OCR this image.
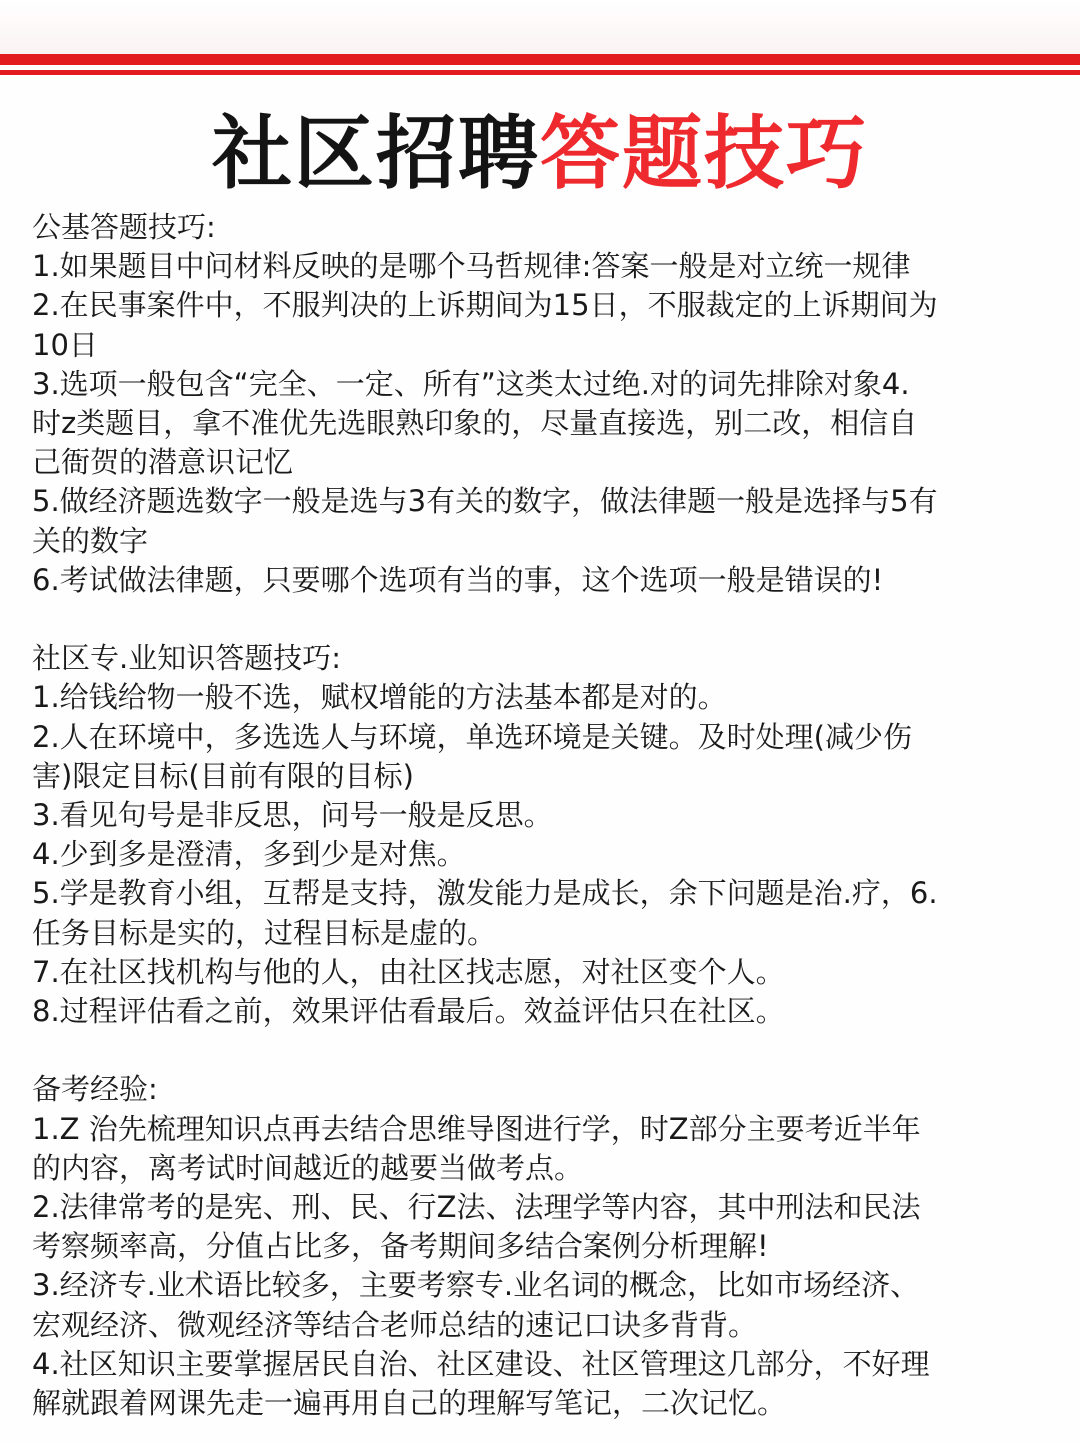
社区招聘答题技巧

公基答题技巧:

1.如果题目中问材料反映的是哪个马哲规律:答案一般是对立统一规律

2.在民事案件中，不服判决的上诉期间为15日，不服裁定的上诉期间为

10日

3.选项一般包含“完全、一定、所有”这类太过绝.对的词先排除对象4.

时z类题目，拿不准优先选眼熟印象的，尽量直接选，别二改，相信自

己衙贺的潜意识记忆

5.做经济题选数字一般是选与3有关的数字，做法律题一般是选择与5有

关的数字

6.考试做法律题，只要哪个选项有当的事，这个选项一般是错误的!

社区专.业知识答题技巧:

1.给钱给物一般不选，赋权增能的方法基本都是对的。

2.人在环境中，多选选人与环境，单选环境是关键。及时处理(减少伤

害)限定目标(目前有限的目标)

3.看见句号是非反思，问号一般是反思。

4.少到多是澄清，多到少是对焦。

5.学是教育小组，互帮是支持，激发能力是成长，余下问题是治.疗，6.

任务目标是实的，过程目标是虚的。

7.在社区找机构与他的人，由社区找志愿，对社区变个人。

8.过程评估看之前，效果评估看最后。效益评估只在社区。

备考经验:

1.Z 治先梳理知识点再去结合思维导图进行学，时Z部分主要考近半年

的内容，离考试时间越近的越要当做考点。

2.法律常考的是宪、刑、民、行Z法、法理学等内容，其中刑法和民法

考察频率高，分值占比多，备考期间多结合案例分析理解!

3.经济专.业术语比较多，主要考察专.业名词的概念，比如市场经济、

宏观经济、微观经济等结合老师总结的速记口诀多背背。

4.社区知识主要掌握居民自治、社区建设、社区管理这几部分，不好理

解就跟着网课先走一遍再用自己的理解写笔记，二次记忆。
